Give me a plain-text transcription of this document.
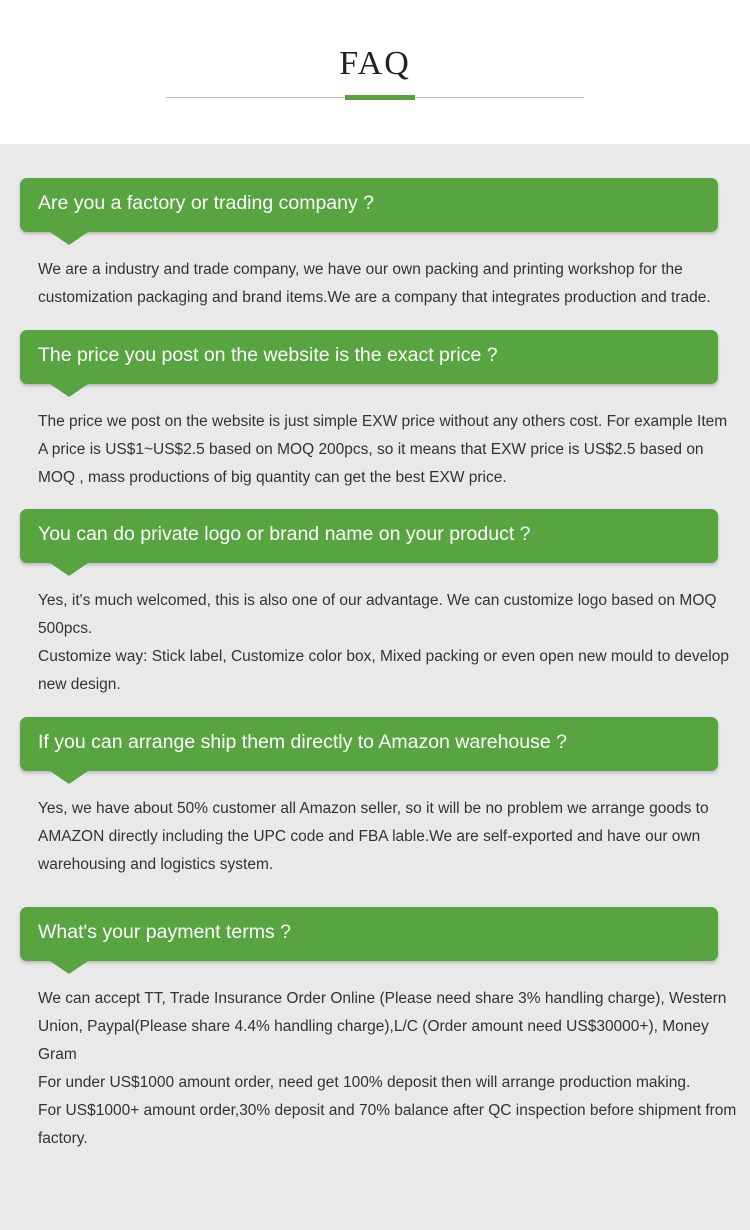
FAQ
Are you a factory or trading company ?

We are a industry and trade company, we have our own packing and printing workshop for the customization packaging and brand items.We are a company that integrates production and trade.

The price you post on the website is the exact price ?

The price we post on the website is just simple EXW price without any others cost. For example Item A price is US$1~US$2.5 based on MOQ 200pcs, so it means that EXW price is US$2.5 based on MOQ , mass productions of big quantity can get the best EXW price.

You can do private logo or brand name on your product ?

Yes, it's much welcomed, this is also one of our advantage. We can customize logo based on MOQ 500pcs.

Customize way: Stick label, Customize color box, Mixed packing or even open new mould to develop new design.

If you can arrange ship them directly to Amazon warehouse ?

Yes, we have about 50% customer all Amazon seller, so it will be no problem we arrange goods to AMAZON directly including the UPC code and FBA lable.We are self-exported and have our own warehousing and logistics system.

What's your payment terms ?

We can accept TT, Trade Insurance Order Online (Please need share 3% handling charge), Western Union, Paypal(Please share 4.4% handling charge),L/C (Order amount need US$30000+), Money Gram

For under US$1000 amount order, need get 100% deposit then will arrange production making.

For US$1000+ amount order,30% deposit and 70% balance after QC inspection before shipment from factory.
